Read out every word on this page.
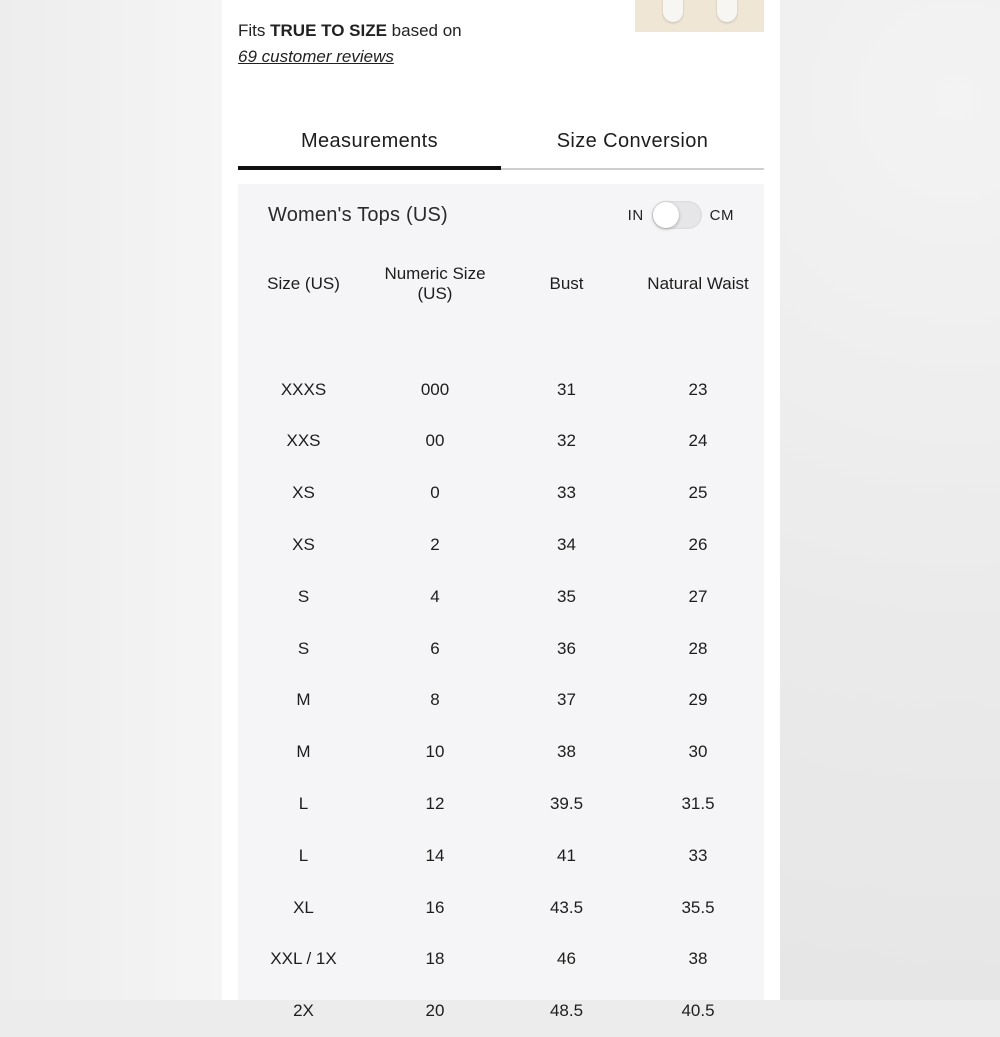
Fits TRUE TO SIZE based on
69 customer reviews
Measurements	Size Conversion
Women's Tops (US)	IN	CM
Size (US)	Numeric Size (US)	Bust	Natural Waist

XXXS	000	31	23
XXS	00	32	24
XS	0	33	25
XS	2	34	26
S	4	35	27
S	6	36	28
M	8	37	29
M	10	38	30
L	12	39.5	31.5
L	14	41	33
XL	16	43.5	35.5
XXL / 1X	18	46	38
2X	20	48.5	40.5
